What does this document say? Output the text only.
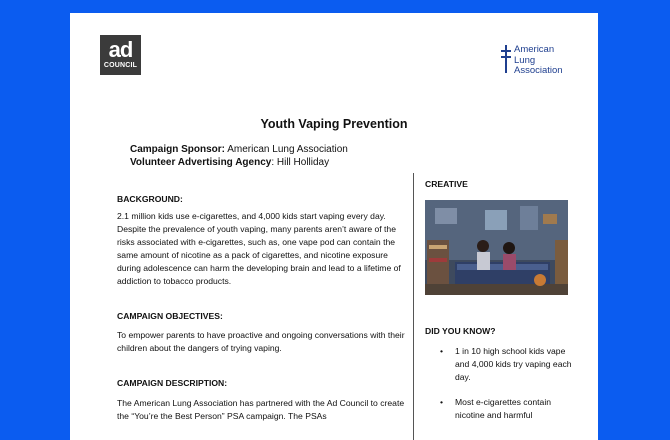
ad
COUNCIL
American
Lung
Association
Youth Vaping Prevention
Campaign Sponsor: American Lung Association
Volunteer Advertising Agency: Hill Holliday
BACKGROUND:

2.1 million kids use e-cigarettes, and 4,000 kids start vaping every day. Despite the prevalence of youth vaping, many parents aren’t aware of the risks associated with e-cigarettes, such as, one vape pod can contain the same amount of nicotine as a pack of cigarettes, and nicotine exposure during adolescence can harm the developing brain and lead to a lifetime of addiction to tobacco products.

CAMPAIGN OBJECTIVES:

To empower parents to have proactive and ongoing conversations with their children about the dangers of trying vaping.

CAMPAIGN DESCRIPTION:

The American Lung Association has partnered with the Ad Council to create the “You’re the Best Person” PSA campaign. The PSAs

CREATIVE
DID YOU KNOW?
• 1 in 10 high school kids vape and 4,000 kids try vaping each day.
• Most e-cigarettes contain nicotine and harmful
